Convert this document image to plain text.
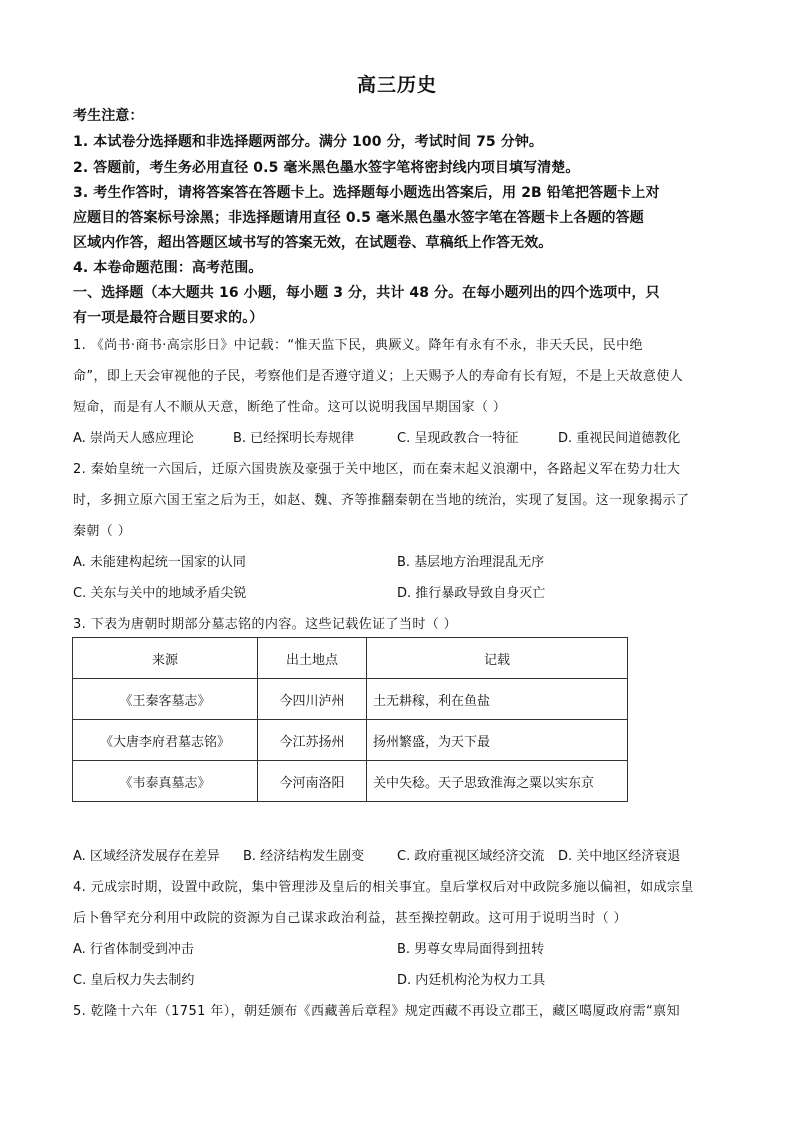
高三历史
考生注意：
1. 本试卷分选择题和非选择题两部分。满分 100 分，考试时间 75 分钟。
2. 答题前，考生务必用直径 0.5 毫米黑色墨水签字笔将密封线内项目填写清楚。
3. 考生作答时，请将答案答在答题卡上。选择题每小题选出答案后，用 2B 铅笔把答题卡上对
应题目的答案标号涂黑；非选择题请用直径 0.5 毫米黑色墨水签字笔在答题卡上各题的答题
区域内作答，超出答题区域书写的答案无效，在试题卷、草稿纸上作答无效。
4. 本卷命题范围：高考范围。
一、选择题（本大题共 16 小题，每小题 3 分，共计 48 分。在每小题列出的四个选项中，只
有一项是最符合题目要求的。）
1. 《尚书·商书·高宗肜日》中记载：“惟天监下民，典厥义。降年有永有不永，非天夭民，民中绝
命”，即上天会审视他的子民，考察他们是否遵守道义；上天赐予人的寿命有长有短，不是上天故意使人
短命，而是有人不顺从天意，断绝了性命。这可以说明我国早期国家（ ）
A. 崇尚天人感应理论	B. 已经探明长寿规律	C. 呈现政教合一特征	D. 重视民间道德教化
2. 秦始皇统一六国后，迁原六国贵族及豪强于关中地区，而在秦末起义浪潮中，各路起义军在势力壮大
时，多拥立原六国王室之后为王，如赵、魏、齐等推翻秦朝在当地的统治，实现了复国。这一现象揭示了
秦朝（ ）
A. 未能建构起统一国家的认同	B. 基层地方治理混乱无序
C. 关东与关中的地域矛盾尖锐	D. 推行暴政导致自身灭亡
3. 下表为唐朝时期部分墓志铭的内容。这些记载佐证了当时（ ）
来源	出土地点	记载
《王秦客墓志》	今四川泸州	土无耕稼，利在鱼盐
《大唐李府君墓志铭》	今江苏扬州	扬州繁盛，为天下最
《韦泰真墓志》	今河南洛阳	关中失稔。天子思致淮海之粟以实东京
A. 区域经济发展存在差异 B. 经济结构发生剧变	C. 政府重视区域经济交流 D. 关中地区经济衰退
4. 元成宗时期，设置中政院，集中管理涉及皇后的相关事宜。皇后掌权后对中政院多施以偏袒，如成宗皇
后卜鲁罕充分利用中政院的资源为自己谋求政治利益，甚至操控朝政。这可用于说明当时（ ）
A. 行省体制受到冲击	B. 男尊女卑局面得到扭转
C. 皇后权力失去制约	D. 内廷机构沦为权力工具
5. 乾隆十六年（1751 年），朝廷颁布《西藏善后章程》规定西藏不再设立郡王，藏区噶厦政府需“禀知
